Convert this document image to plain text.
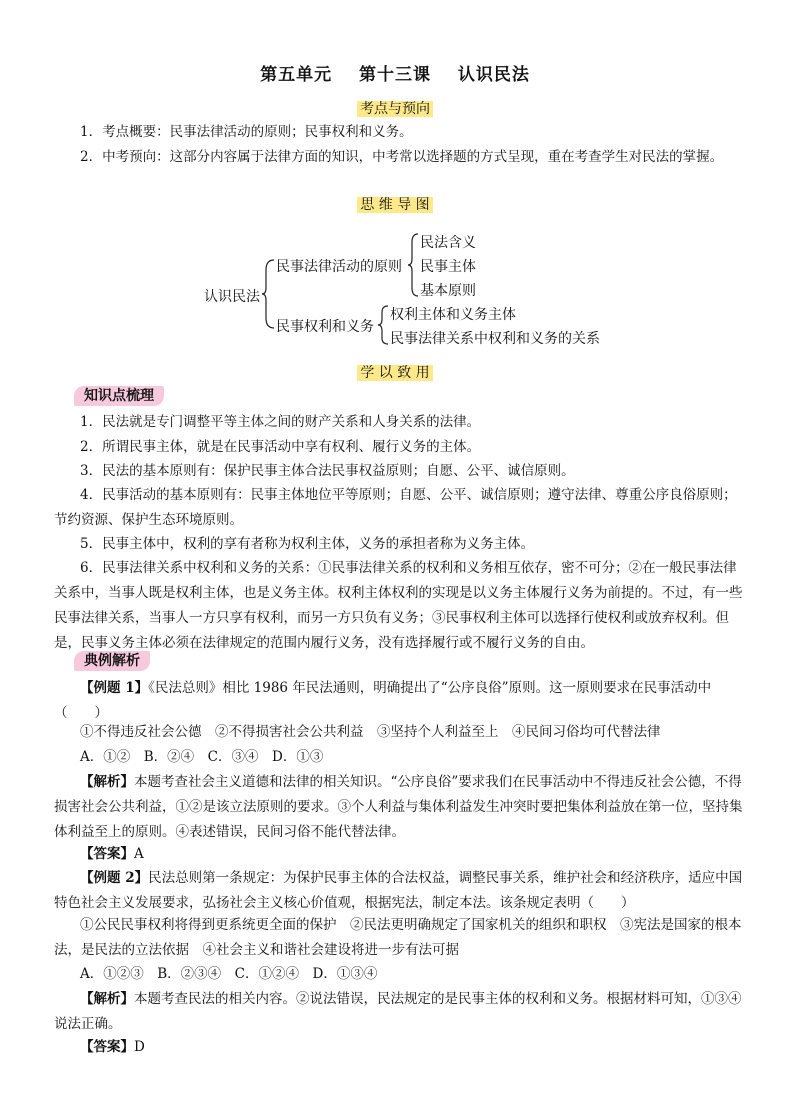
第五单元 第十三课 认识民法
考点与预向

1．考点概要：民事法律活动的原则；民事权利和义务。

2．中考预向：这部分内容属于法律方面的知识，中考常以选择题的方式呈现，重在考查学生对民法的掌握。

思 维 导 图
认识民法
民事法律活动的原则
民法含义
民事主体
基本原则
民事权利和义务
权利主体和义务主体
民事法律关系中权利和义务的关系
学 以 致 用
知识点梳理

1．民法就是专门调整平等主体之间的财产关系和人身关系的法律。

2．所谓民事主体，就是在民事活动中享有权利、履行义务的主体。

3．民法的基本原则有：保护民事主体合法民事权益原则；自愿、公平、诚信原则。

4．民事活动的基本原则有：民事主体地位平等原则；自愿、公平、诚信原则；遵守法律、尊重公序良俗原则；节约资源、保护生态环境原则。

5．民事主体中，权利的享有者称为权利主体，义务的承担者称为义务主体。

6．民事法律关系中权利和义务的关系：①民事法律关系的权利和义务相互依存，密不可分；②在一般民事法律关系中，当事人既是权利主体，也是义务主体。权利主体权利的实现是以义务主体履行义务为前提的。不过，有一些民事法律关系，当事人一方只享有权利，而另一方只负有义务；③民事权利主体可以选择行使权利或放弃权利。但是，民事义务主体必须在法律规定的范围内履行义务，没有选择履行或不履行义务的自由。

典例解析

【例题 1】《民法总则》相比 1986 年民法通则，明确提出了“公序良俗”原则。这一原则要求在民事活动中（　　）

①不得违反社会公德　②不得损害社会公共利益　③坚持个人利益至上　④民间习俗均可代替法律

A．①②　B．②④　C．③④　D．①③

【解析】本题考查社会主义道德和法律的相关知识。“公序良俗”要求我们在民事活动中不得违反社会公德，不得损害社会公共利益，①②是该立法原则的要求。③个人利益与集体利益发生冲突时要把集体利益放在第一位，坚持集体利益至上的原则。④表述错误，民间习俗不能代替法律。

【答案】A

【例题 2】民法总则第一条规定：为保护民事主体的合法权益，调整民事关系，维护社会和经济秩序，适应中国特色社会主义发展要求，弘扬社会主义核心价值观，根据宪法，制定本法。该条规定表明（　　）

①公民民事权利将得到更系统更全面的保护　②民法更明确规定了国家机关的组织和职权　③宪法是国家的根本法，是民法的立法依据　④社会主义和谐社会建设将进一步有法可据

A．①②③　B．②③④　C．①②④　D．①③④

【解析】本题考查民法的相关内容。②说法错误，民法规定的是民事主体的权利和义务。根据材料可知，①③④说法正确。

【答案】D
